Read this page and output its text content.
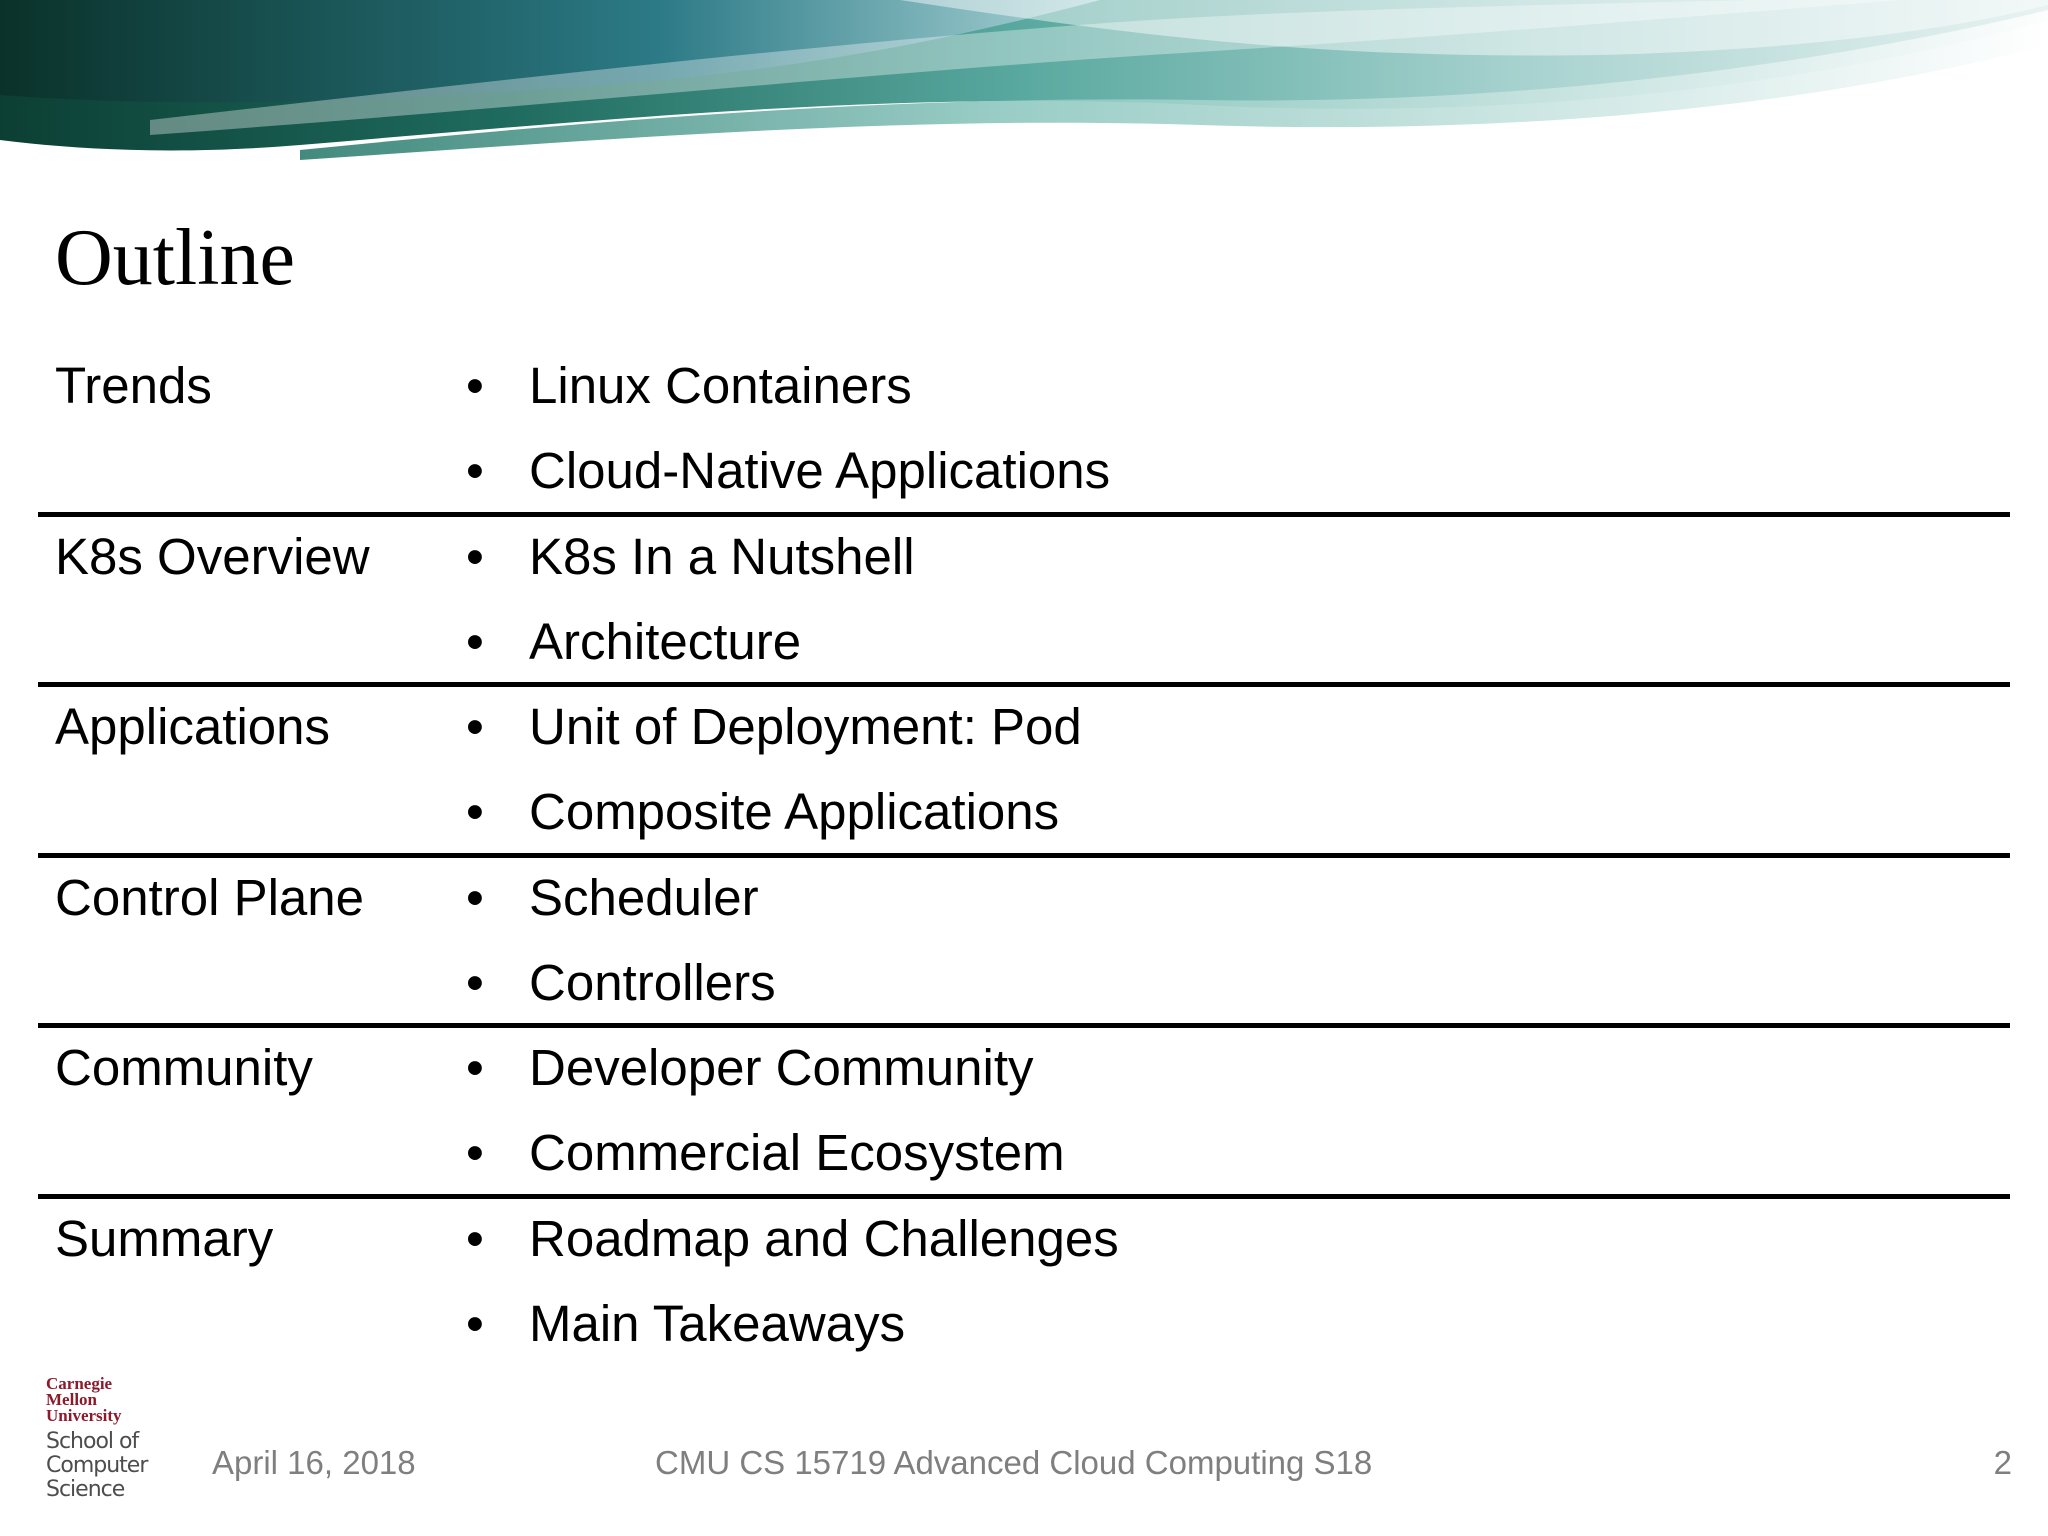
Outline
Trends	• Linux Containers
• Cloud-Native Applications
K8s Overview • K8s In a Nutshell
• Architecture
Applications	• Unit of Deployment: Pod
• Composite Applications
Control Plane • Scheduler
• Controllers
Community	• Developer Community
• Commercial Ecosystem
Summary	• Roadmap and Challenges
• Main Takeaways
Carnegie
Mellon
University
School of
Computer
Science
April 16, 2018	CMU CS 15719 Advanced Cloud Computing S18	2
